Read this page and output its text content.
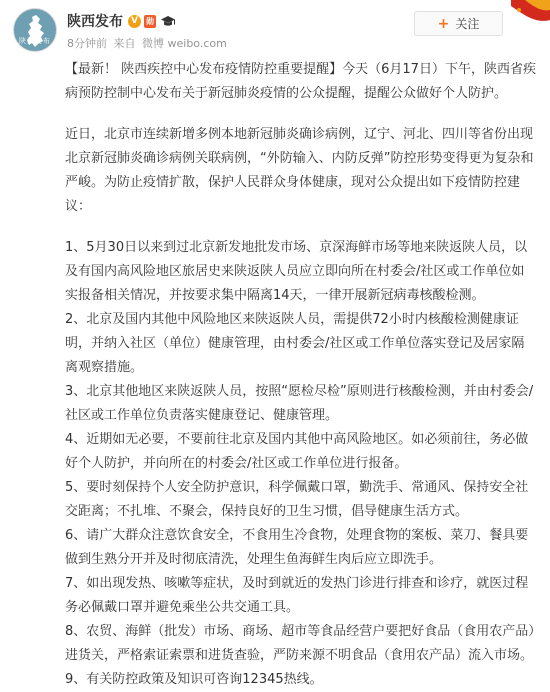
陕西发布
陕西发布 V	勋
8分钟前 来自 微博 weibo.com
+ 关注

【最新！ 陕西疾控中心发布疫情防控重要提醒】今天（6月17日）下午，陕西省疾病预防控制中心发布关于新冠肺炎疫情的公众提醒，提醒公众做好个人防护。

近日，北京市连续新增多例本地新冠肺炎确诊病例，辽宁、河北、四川等省份出现北京新冠肺炎确诊病例关联病例，“外防输入、内防反弹”防控形势变得更为复杂和严峻。为防止疫情扩散，保护人民群众身体健康，现对公众提出如下疫情防控建议：

1、5月30日以来到过北京新发地批发市场、京深海鲜市场等地来陕返陕人员，以及有国内高风险地区旅居史来陕返陕人员应立即向所在村委会/社区或工作单位如实报备相关情况，并按要求集中隔离14天，一律开展新冠病毒核酸检测。

2、北京及国内其他中风险地区来陕返陕人员，需提供72小时内核酸检测健康证明，并纳入社区（单位）健康管理，由村委会/社区或工作单位落实登记及居家隔离观察措施。

3、北京其他地区来陕返陕人员，按照“愿检尽检”原则进行核酸检测，并由村委会/社区或工作单位负责落实健康登记、健康管理。

4、近期如无必要，不要前往北京及国内其他中高风险地区。如必须前往，务必做好个人防护，并向所在的村委会/社区或工作单位进行报备。

5、要时刻保持个人安全防护意识，科学佩戴口罩，勤洗手、常通风、保持安全社交距离；不扎堆、不聚会，保持良好的卫生习惯，倡导健康生活方式。

6、请广大群众注意饮食安全，不食用生冷食物，处理食物的案板、菜刀、餐具要做到生熟分开并及时彻底清洗，处理生鱼海鲜生肉后应立即洗手。

7、如出现发热、咳嗽等症状，及时到就近的发热门诊进行排查和诊疗，就医过程务必佩戴口罩并避免乘坐公共交通工具。

8、农贸、海鲜（批发）市场、商场、超市等食品经营户要把好食品（食用农产品）进货关，严格索证索票和进货查验，严防来源不明食品（食用农产品）流入市场。

9、有关防控政策及知识可咨询12345热线。
